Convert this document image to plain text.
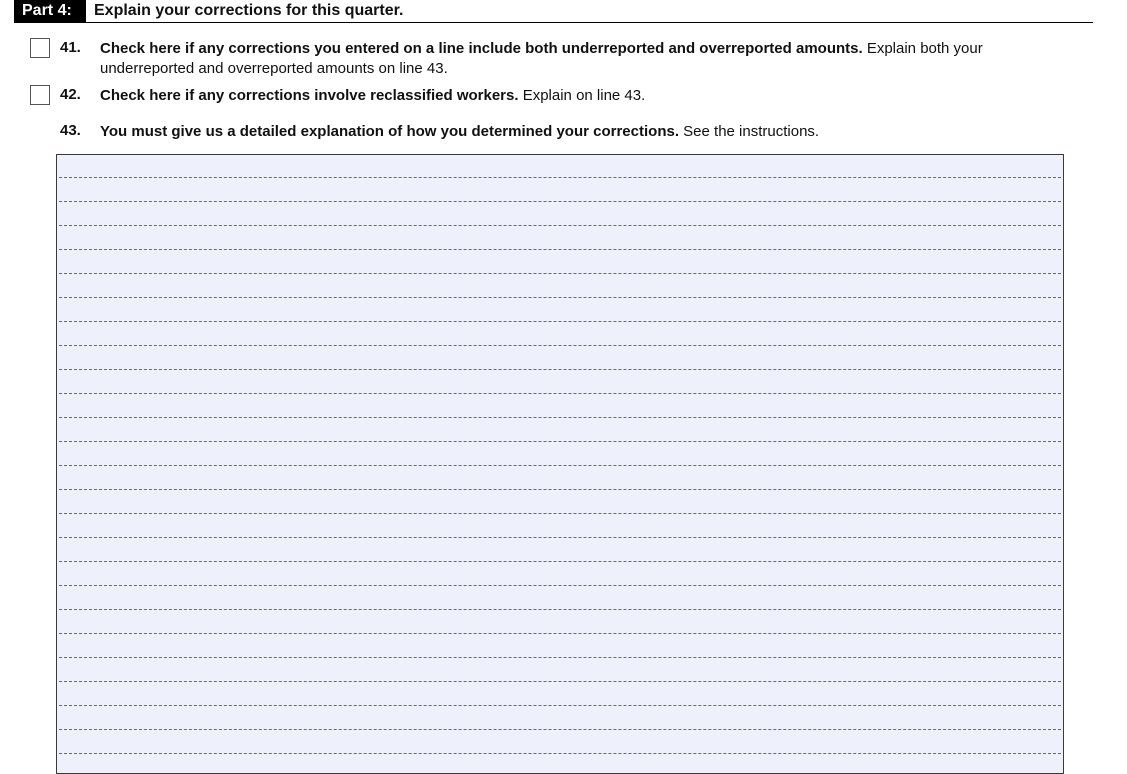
Part 4:	Explain your corrections for this quarter.
41. Check here if any corrections you entered on a line include both underreported and overreported amounts. Explain both your underreported and overreported amounts on line 43.
42. Check here if any corrections involve reclassified workers. Explain on line 43.
43. You must give us a detailed explanation of how you determined your corrections. See the instructions.
